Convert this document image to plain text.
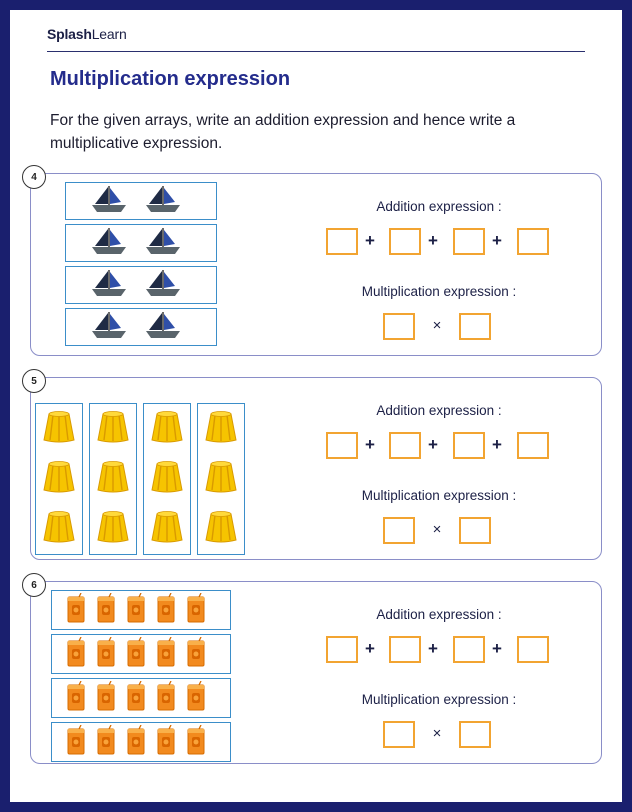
SplashLearn
Multiplication expression
For the given arrays, write an addition expression and hence write a multiplicative expression.
4
Addition expression :
Multiplication expression :
+	+	+
×
5
Addition expression :
Multiplication expression :
+	+	+
×
6
Addition expression :
Multiplication expression :
+	+	+
×
